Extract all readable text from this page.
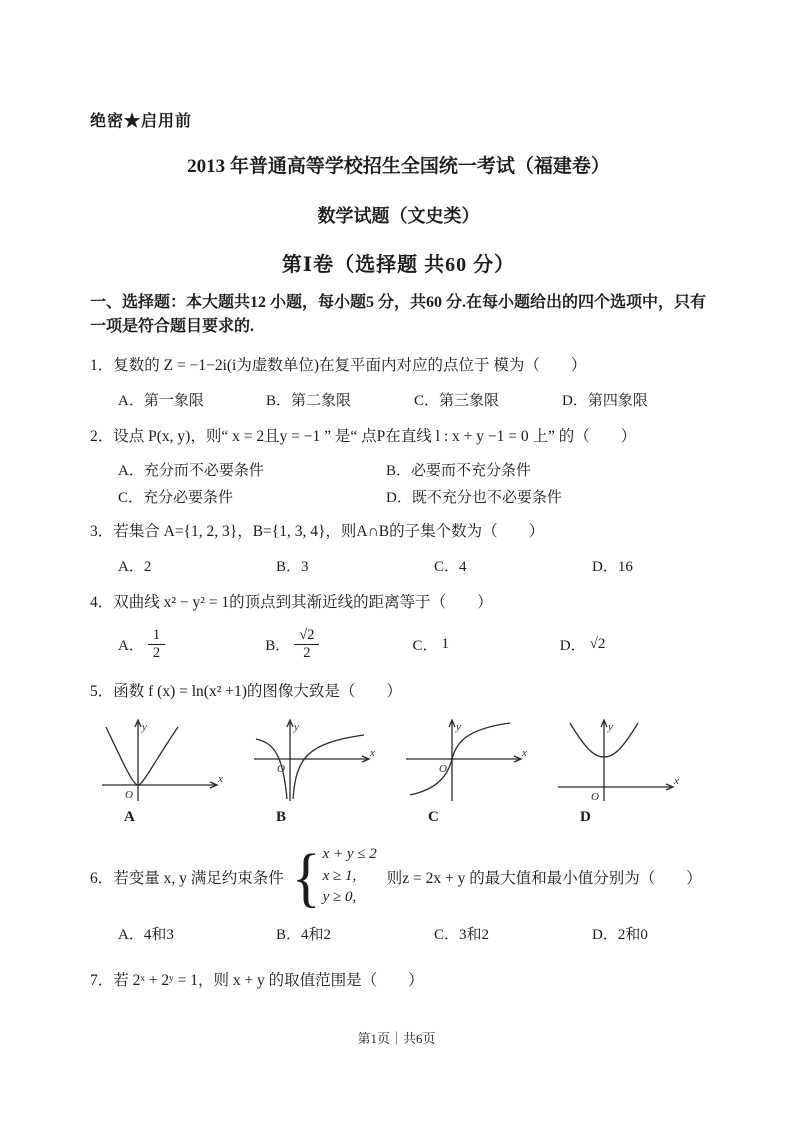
绝密★启用前
2013 年普通高等学校招生全国统一考试（福建卷）
数学试题（文史类）
第Ⅰ卷（选择题 共60 分）
一、选择题：本大题共12 小题，每小题5 分，共60 分.在每小题给出的四个选项中，只有一项是符合题目要求的.
1．复数的 Z = −1−2i(i为虚数单位)在复平面内对应的点位于 模为（　　）
A．第一象限	B．第二象限	C．第三象限	D．第四象限
2．设点 P(x, y)，则“ x = 2且y = −1 ” 是“ 点P在直线 l : x + y −1 = 0 上” 的（　　）
A．充分而不必要条件	B．必要而不充分条件
C．充分必要条件	D．既不充分也不必要条件
3．若集合 A={1, 2, 3}，B={1, 3, 4}，则A∩B的子集个数为（　　）
A．2	B．3	C．4	D．16
4．双曲线 x² − y² = 1的顶点到其渐近线的距离等于（　　）
A． $\frac{1}{2}$	B． $\frac{√2}{2}$	C． 1	D． √2
5．函数 f (x) = ln(x² +1)的图像大致是（　　）
y
x
O
A
y
x
O
B
y
x
O
C
y
x
O
D
6．若变量 x, y 满足约束条件 { x + y ≤ 2
x ≥ 1,
y ≥ 0,
则z = 2x + y 的最大值和最小值分别为（　　）
A．4和3	B．4和2	C．3和2	D．2和0
7．若 2ˣ + 2ʸ = 1，则 x + y 的取值范围是（　　）
第1页｜共6页
